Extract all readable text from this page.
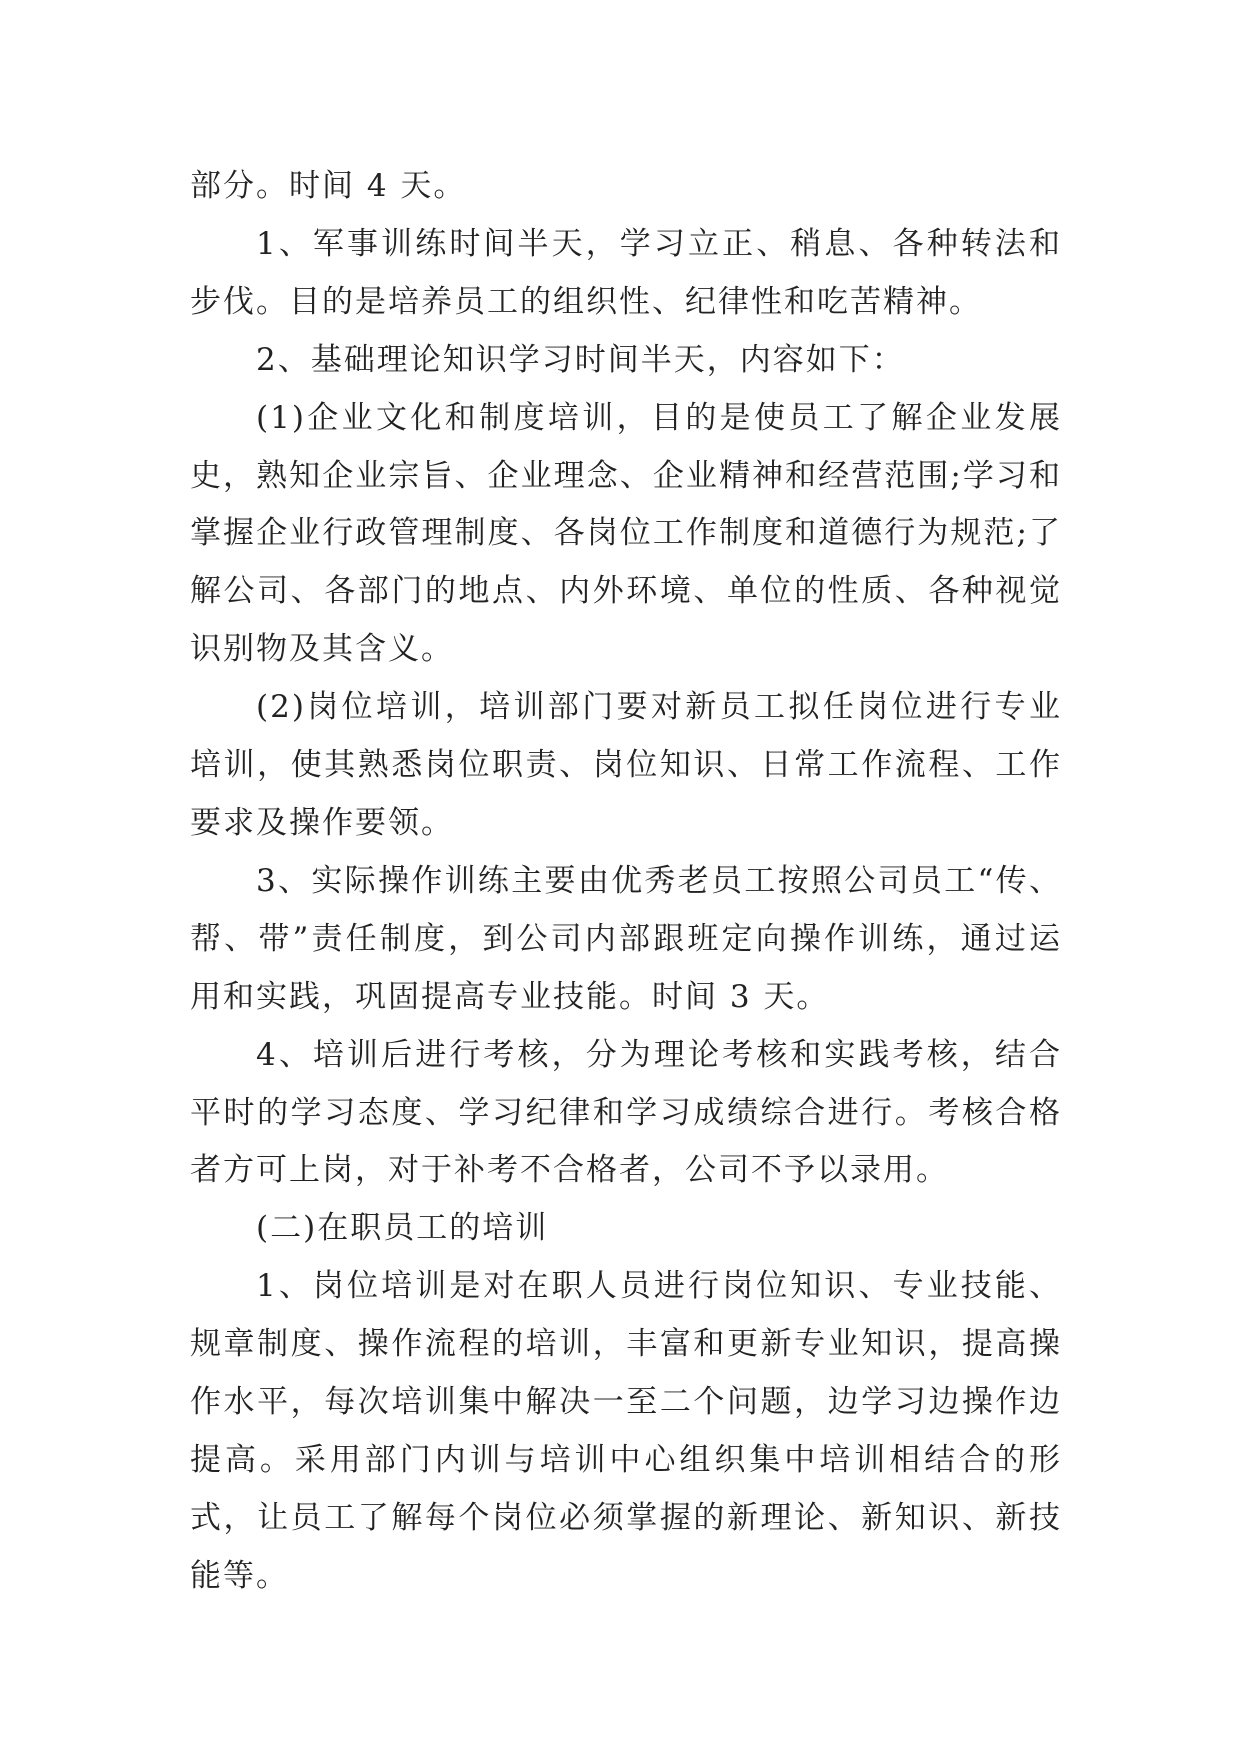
部分。时间 4 天。

1、军事训练时间半天，学习立正、稍息、各种转法和步伐。目的是培养员工的组织性、纪律性和吃苦精神。

2、基础理论知识学习时间半天，内容如下：

(1)企业文化和制度培训，目的是使员工了解企业发展史，熟知企业宗旨、企业理念、企业精神和经营范围;学习和掌握企业行政管理制度、各岗位工作制度和道德行为规范;了解公司、各部门的地点、内外环境、单位的性质、各种视觉识别物及其含义。

(2)岗位培训，培训部门要对新员工拟任岗位进行专业培训，使其熟悉岗位职责、岗位知识、日常工作流程、工作要求及操作要领。

3、实际操作训练主要由优秀老员工按照公司员工“传、帮、带”责任制度，到公司内部跟班定向操作训练，通过运用和实践，巩固提高专业技能。时间 3 天。

4、培训后进行考核，分为理论考核和实践考核，结合平时的学习态度、学习纪律和学习成绩综合进行。考核合格者方可上岗，对于补考不合格者，公司不予以录用。

(二)在职员工的培训

1、岗位培训是对在职人员进行岗位知识、专业技能、规章制度、操作流程的培训，丰富和更新专业知识，提高操作水平，每次培训集中解决一至二个问题，边学习边操作边提高。采用部门内训与培训中心组织集中培训相结合的形式，让员工了解每个岗位必须掌握的新理论、新知识、新技能等。
